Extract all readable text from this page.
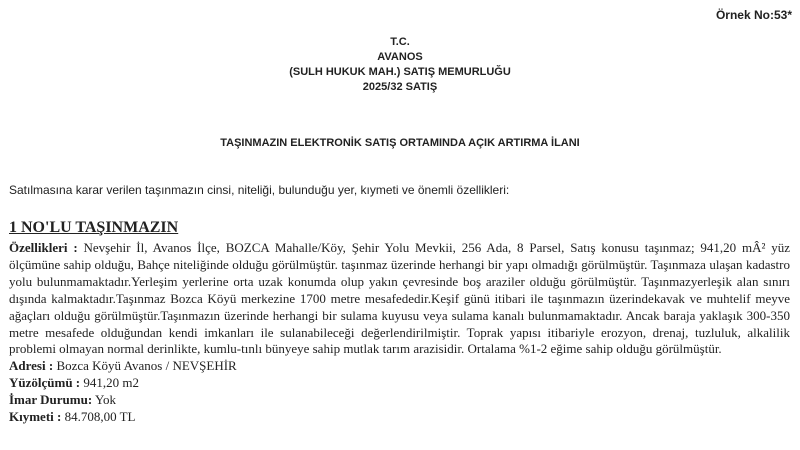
Örnek No:53*
T.C.
AVANOS
(SULH HUKUK MAH.) SATIŞ MEMURLUĞU
2025/32 SATIŞ
TAŞINMAZIN ELEKTRONİK SATIŞ ORTAMINDA AÇIK ARTIRMA İLANI
Satılmasına karar verilen taşınmazın cinsi, niteliği, bulunduğu yer, kıymeti ve önemli özellikleri:
1 NO'LU TAŞINMAZIN
Özellikleri : Nevşehir İl, Avanos İlçe, BOZCA Mahalle/Köy, Şehir Yolu Mevkii, 256 Ada, 8 Parsel, Satış konusu taşınmaz; 941,20 mÂ² yüz ölçümüne sahip olduğu, Bahçe niteliğinde olduğu görülmüştür. taşınmaz üzerinde herhangi bir yapı olmadığı görülmüştür. Taşınmaza ulaşan kadastro yolu bulunmamaktadır.Yerleşim yerlerine orta uzak konumda olup yakın çevresinde boş araziler olduğu görülmüştür. Taşınmazyerleşik alan sınırı dışında kalmaktadır.Taşınmaz Bozca Köyü merkezine 1700 metre mesafededir.Keşif günü itibari ile taşınmazın üzerindekavak ve muhtelif meyve ağaçları olduğu görülmüştür.Taşınmazın üzerinde herhangi bir sulama kuyusu veya sulama kanalı bulunmamaktadır. Ancak baraja yaklaşık 300-350 metre mesafede olduğundan kendi imkanları ile sulanabileceği değerlendirilmiştir. Toprak yapısı itibariyle erozyon, drenaj, tuzluluk, alkalilik problemi olmayan normal derinlikte, kumlu-tınlı bünyeye sahip mutlak tarım arazisidir. Ortalama %1-2 eğime sahip olduğu görülmüştür.
Adresi : Bozca Köyü Avanos / NEVŞEHİR
Yüzölçümü : 941,20 m2
İmar Durumu: Yok
Kıymeti : 84.708,00 TL
